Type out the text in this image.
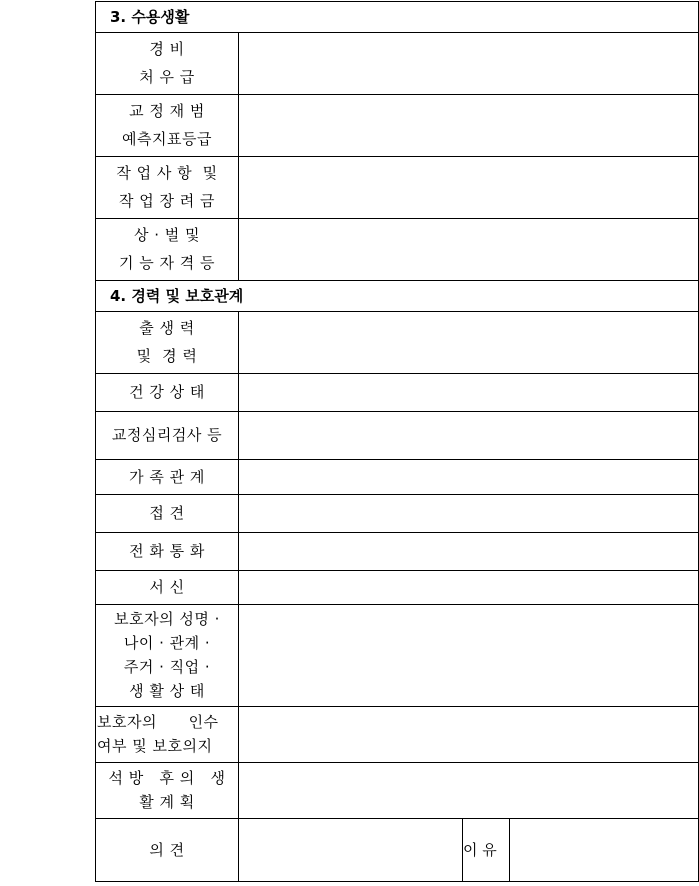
3. 수용생활			

경 비
처 우 급			

교 정 재 범
예측지표등급			

작 업 사 항  및
작 업 장 려 금			

상 · 벌 및
기 능 자 격 등			

4. 경력 및 보호관계			

출 생 력
및  경 력			

건 강 상 태			

교정심리검사 등			

가 족 관 계			

접 견			

전 화 통 화			

서 신			

보호자의 성명 ·
나이 · 관계 ·
주거 · 직업 ·
생 활 상 태			

보호자의      인수
여부 및 보호의지			

석 방   후 의   생
활 계 획			

의 견		이 유	
